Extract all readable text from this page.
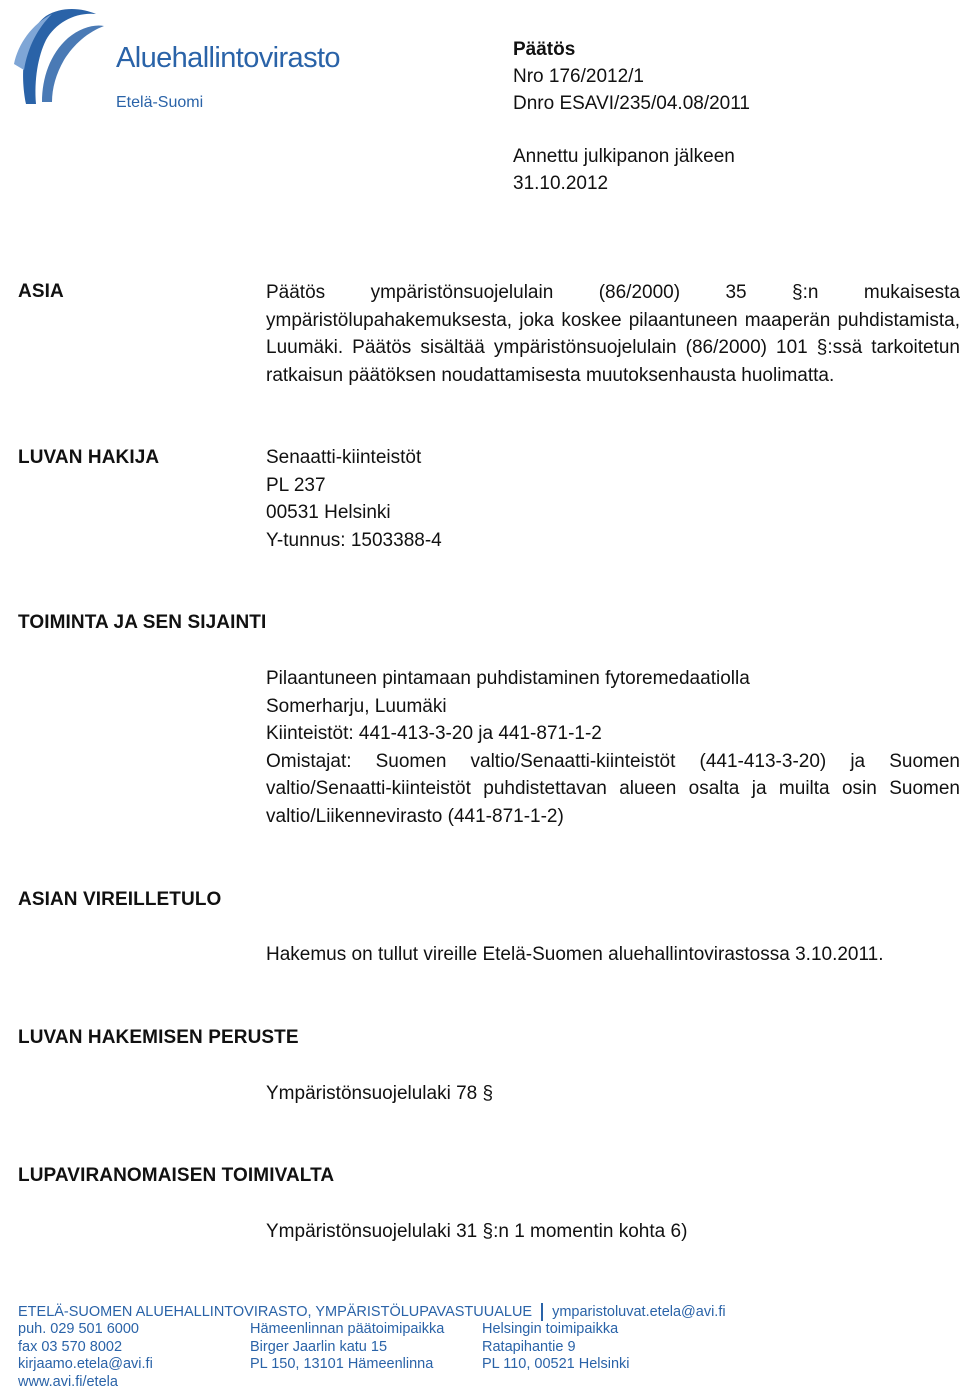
Aluehallintovirasto
Etelä-Suomi
Päätös
Nro 176/2012/1
Dnro ESAVI/235/04.08/2011
Annettu julkipanon jälkeen
31.10.2012
ASIA	Päätös ympäristönsuojelulain (86/2000) 35 §:n mukaisesta ympäristölupahakemuksesta, joka koskee pilaantuneen maaperän puhdistamista, Luumäki. Päätös sisältää ympäristönsuojelulain (86/2000) 101 §:ssä tarkoitetun ratkaisun päätöksen noudattamisesta muutoksenhausta huolimatta.
LUVAN HAKIJA	Senaatti-kiinteistöt
PL 237
00531 Helsinki
Y-tunnus: 1503388-4
TOIMINTA JA SEN SIJAINTI
Pilaantuneen pintamaan puhdistaminen fytoremedaatiolla
Somerharju, Luumäki
Kiinteistöt: 441-413-3-20 ja 441-871-1-2
Omistajat: Suomen valtio/Senaatti-kiinteistöt (441-413-3-20) ja Suomen valtio/Senaatti-kiinteistöt puhdistettavan alueen osalta ja muilta osin Suomen valtio/Liikennevirasto (441-871-1-2)
ASIAN VIREILLETULO
Hakemus on tullut vireille Etelä-Suomen aluehallintovirastossa 3.10.2011.
LUVAN HAKEMISEN PERUSTE
Ympäristönsuojelulaki 78 §
LUPAVIRANOMAISEN TOIMIVALTA
Ympäristönsuojelulaki 31 §:n 1 momentin kohta 6)
ETELÄ-SUOMEN ALUEHALLINTOVIRASTO, YMPÄRISTÖLUPAVASTUUALUE ymparistoluvat.etela@avi.fi
puh. 029 501 6000
fax 03 570 8002
kirjaamo.etela@avi.fi
www.avi.fi/etela
Hämeenlinnan päätoimipaikka
Birger Jaarlin katu 15
PL 150, 13101 Hämeenlinna
Helsingin toimipaikka
Ratapihantie 9
PL 110, 00521 Helsinki
